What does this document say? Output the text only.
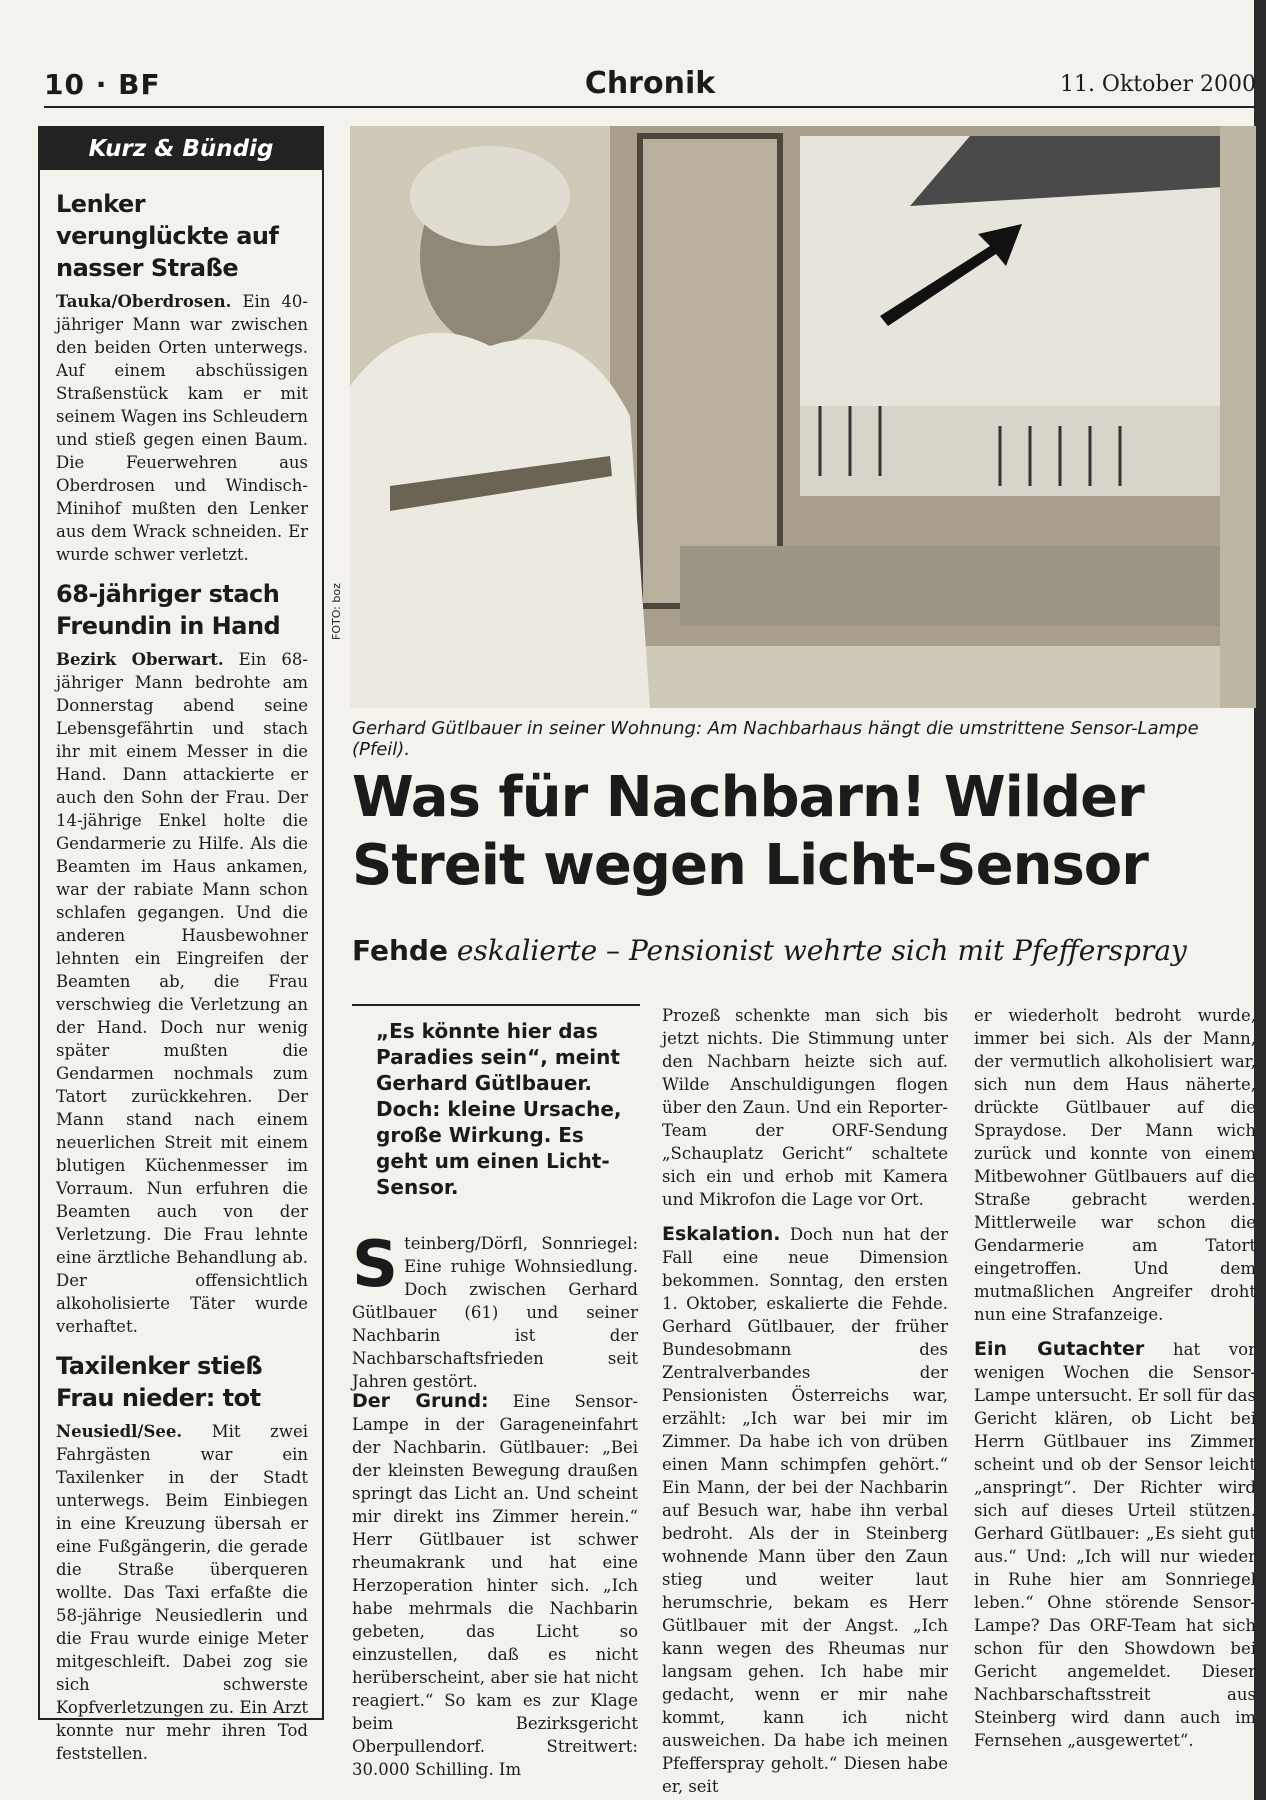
10 · BF	Chronik	11. Oktober 2000
Kurz & Bündig
Lenker verunglückte auf nasser Straße
Tauka/Oberdrosen. Ein 40-jähriger Mann war zwischen den beiden Orten unterwegs. Auf einem abschüssigen Straßenstück kam er mit seinem Wagen ins Schleudern und stieß gegen einen Baum. Die Feuerwehren aus Oberdrosen und Windisch-Minihof mußten den Lenker aus dem Wrack schneiden. Er wurde schwer verletzt.
68-jähriger stach Freundin in Hand
Bezirk Oberwart. Ein 68-jähriger Mann bedrohte am Donnerstag abend seine Lebensgefährtin und stach ihr mit einem Messer in die Hand. Dann attackierte er auch den Sohn der Frau. Der 14-jährige Enkel holte die Gendarmerie zu Hilfe. Als die Beamten im Haus ankamen, war der rabiate Mann schon schlafen gegangen. Und die anderen Hausbewohner lehnten ein Eingreifen der Beamten ab, die Frau verschwieg die Verletzung an der Hand. Doch nur wenig später mußten die Gendarmen nochmals zum Tatort zurückkehren. Der Mann stand nach einem neuerlichen Streit mit einem blutigen Küchenmesser im Vorraum. Nun erfuhren die Beamten auch von der Verletzung. Die Frau lehnte eine ärztliche Behandlung ab. Der offensichtlich alkoholisierte Täter wurde verhaftet.
Taxilenker stieß Frau nieder: tot
Neusiedl/See. Mit zwei Fahrgästen war ein Taxilenker in der Stadt unterwegs. Beim Einbiegen in eine Kreuzung übersah er eine Fußgängerin, die gerade die Straße überqueren wollte. Das Taxi erfaßte die 58-jährige Neusiedlerin und die Frau wurde einige Meter mitgeschleift. Dabei zog sie sich schwerste Kopfverletzungen zu. Ein Arzt konnte nur mehr ihren Tod feststellen.
FOTO: boz
Gerhard Gütlbauer in seiner Wohnung: Am Nachbarhaus hängt die umstrittene Sensor-Lampe (Pfeil).
Was für Nachbarn! Wilder
Streit wegen Licht-Sensor
Fehde eskalierte – Pensionist wehrte sich mit Pfefferspray
„Es könnte hier das Paradies sein“, meint Gerhard Gütlbauer. Doch: kleine Ursache, große Wirkung. Es geht um einen Licht-Sensor.
Steinberg/Dörfl, Sonnriegel: Eine ruhige Wohnsiedlung. Doch zwischen Gerhard Gütlbauer (61) und seiner Nachbarin ist der Nachbarschaftsfrieden seit Jahren gestört.
Der Grund: Eine Sensor-Lampe in der Garageneinfahrt der Nachbarin. Gütlbauer: „Bei der kleinsten Bewegung draußen springt das Licht an. Und scheint mir direkt ins Zimmer herein.“ Herr Gütlbauer ist schwer rheumakrank und hat eine Herzoperation hinter sich. „Ich habe mehrmals die Nachbarin gebeten, das Licht so einzustellen, daß es nicht herüberscheint, aber sie hat nicht reagiert.“ So kam es zur Klage beim Bezirksgericht Oberpullendorf. Streitwert: 30.000 Schilling. Im

Prozeß schenkte man sich bis jetzt nichts. Die Stimmung unter den Nachbarn heizte sich auf. Wilde Anschuldigungen flogen über den Zaun. Und ein Reporter-Team der ORF-Sendung „Schauplatz Gericht“ schaltete sich ein und erhob mit Kamera und Mikrofon die Lage vor Ort.

Eskalation. Doch nun hat der Fall eine neue Dimension bekommen. Sonntag, den ersten 1. Oktober, eskalierte die Fehde. Gerhard Gütlbauer, der früher Bundesobmann des Zentralverbandes der Pensionisten Österreichs war, erzählt: „Ich war bei mir im Zimmer. Da habe ich von drüben einen Mann schimpfen gehört.“ Ein Mann, der bei der Nachbarin auf Besuch war, habe ihn verbal bedroht. Als der in Steinberg wohnende Mann über den Zaun stieg und weiter laut herumschrie, bekam es Herr Gütlbauer mit der Angst. „Ich kann wegen des Rheumas nur langsam gehen. Ich habe mir gedacht, wenn er mir nahe kommt, kann ich nicht ausweichen. Da habe ich meinen Pfefferspray geholt.“ Diesen habe er, seit

er wiederholt bedroht wurde, immer bei sich. Als der Mann, der vermutlich alkoholisiert war, sich nun dem Haus näherte, drückte Gütlbauer auf die Spraydose. Der Mann wich zurück und konnte von einem Mitbewohner Gütlbauers auf die Straße gebracht werden. Mittlerweile war schon die Gendarmerie am Tatort eingetroffen. Und dem mutmaßlichen Angreifer droht nun eine Strafanzeige.

Ein Gutachter hat vor wenigen Wochen die Sensor-Lampe untersucht. Er soll für das Gericht klären, ob Licht bei Herrn Gütlbauer ins Zimmer scheint und ob der Sensor leicht „anspringt“. Der Richter wird sich auf dieses Urteil stützen. Gerhard Gütlbauer: „Es sieht gut aus.“ Und: „Ich will nur wieder in Ruhe hier am Sonnriegel leben.“ Ohne störende Sensor-Lampe? Das ORF-Team hat sich schon für den Showdown bei Gericht angemeldet. Dieser Nachbarschaftsstreit aus Steinberg wird dann auch im Fernsehen „ausgewertet“.
